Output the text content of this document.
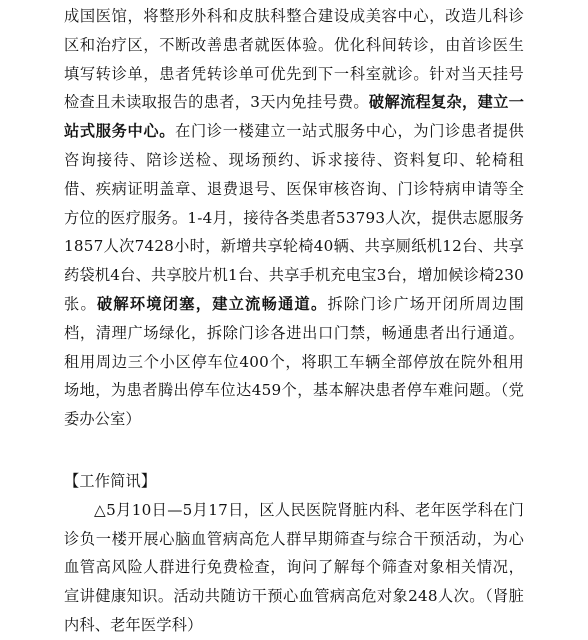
成国医馆，将整形外科和皮肤科整合建设成美容中心，改造儿科诊区和治疗区，不断改善患者就医体验。优化科间转诊，由首诊医生填写转诊单，患者凭转诊单可优先到下一科室就诊。针对当天挂号检查且未读取报告的患者，3天内免挂号费。破解流程复杂，建立一站式服务中心。在门诊一楼建立一站式服务中心，为门诊患者提供咨询接待、陪诊送检、现场预约、诉求接待、资料复印、轮椅租借、疾病证明盖章、退费退号、医保审核咨询、门诊特病申请等全方位的医疗服务。1-4月，接待各类患者53793人次，提供志愿服务1857人次7428小时，新增共享轮椅40辆、共享厕纸机12台、共享药袋机4台、共享胶片机1台、共享手机充电宝3台，增加候诊椅230张。破解环境闭塞，建立流畅通道。拆除门诊广场开闭所周边围档，清理广场绿化，拆除门诊各进出口门禁，畅通患者出行通道。租用周边三个小区停车位400个，将职工车辆全部停放在院外租用场地，为患者腾出停车位达459个，基本解决患者停车难问题。（党委办公室）

【工作简讯】

△5月10日—5月17日，区人民医院肾脏内科、老年医学科在门诊负一楼开展心脑血管病高危人群早期筛查与综合干预活动，为心血管高风险人群进行免费检查，询问了解每个筛查对象相关情况，宣讲健康知识。活动共随访干预心血管病高危对象248人次。（肾脏内科、老年医学科）
